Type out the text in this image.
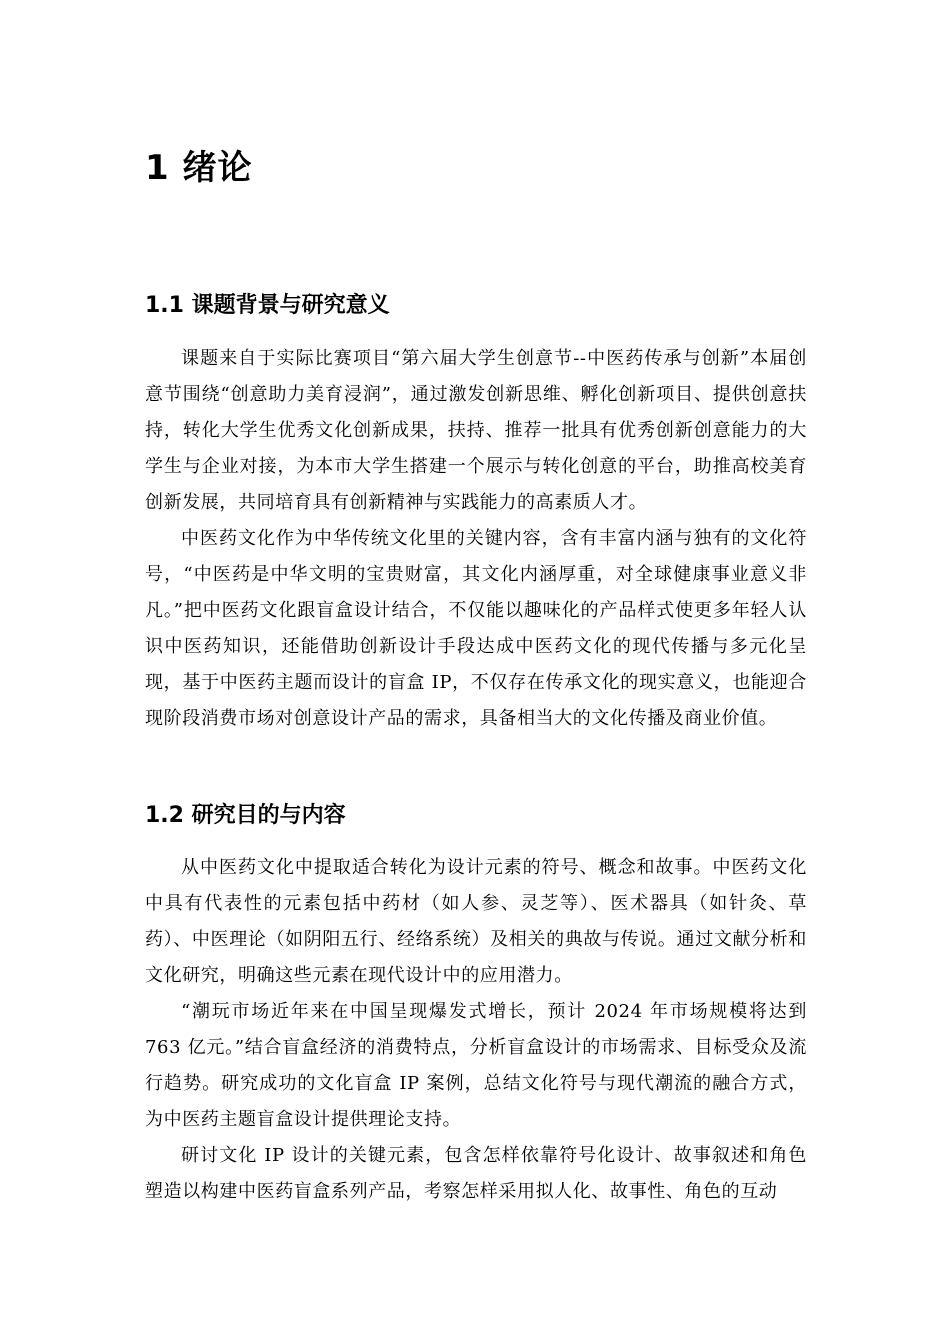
1 绪论
1.1 课题背景与研究意义

课题来自于实际比赛项目“第六届大学生创意节--中医药传承与创新”本届创意节围绕“创意助力美育浸润”，通过激发创新思维、孵化创新项目、提供创意扶持，转化大学生优秀文化创新成果，扶持、推荐一批具有优秀创新创意能力的大学生与企业对接，为本市大学生搭建一个展示与转化创意的平台，助推高校美育创新发展，共同培育具有创新精神与实践能力的高素质人才。

中医药文化作为中华传统文化里的关键内容，含有丰富内涵与独有的文化符号，“中医药是中华文明的宝贵财富，其文化内涵厚重，对全球健康事业意义非凡。”把中医药文化跟盲盒设计结合，不仅能以趣味化的产品样式使更多年轻人认识中医药知识，还能借助创新设计手段达成中医药文化的现代传播与多元化呈现，基于中医药主题而设计的盲盒 IP，不仅存在传承文化的现实意义，也能迎合现阶段消费市场对创意设计产品的需求，具备相当大的文化传播及商业价值。

1.2 研究目的与内容

从中医药文化中提取适合转化为设计元素的符号、概念和故事。中医药文化中具有代表性的元素包括中药材（如人参、灵芝等）、医术器具（如针灸、草药）、中医理论（如阴阳五行、经络系统）及相关的典故与传说。通过文献分析和文化研究，明确这些元素在现代设计中的应用潜力。

“潮玩市场近年来在中国呈现爆发式增长，预计 2024 年市场规模将达到 763 亿元。”结合盲盒经济的消费特点，分析盲盒设计的市场需求、目标受众及流行趋势。研究成功的文化盲盒 IP 案例，总结文化符号与现代潮流的融合方式，为中医药主题盲盒设计提供理论支持。

研讨文化 IP 设计的关键元素，包含怎样依靠符号化设计、故事叙述和角色塑造以构建中医药盲盒系列产品，考察怎样采用拟人化、故事性、角色的互动
